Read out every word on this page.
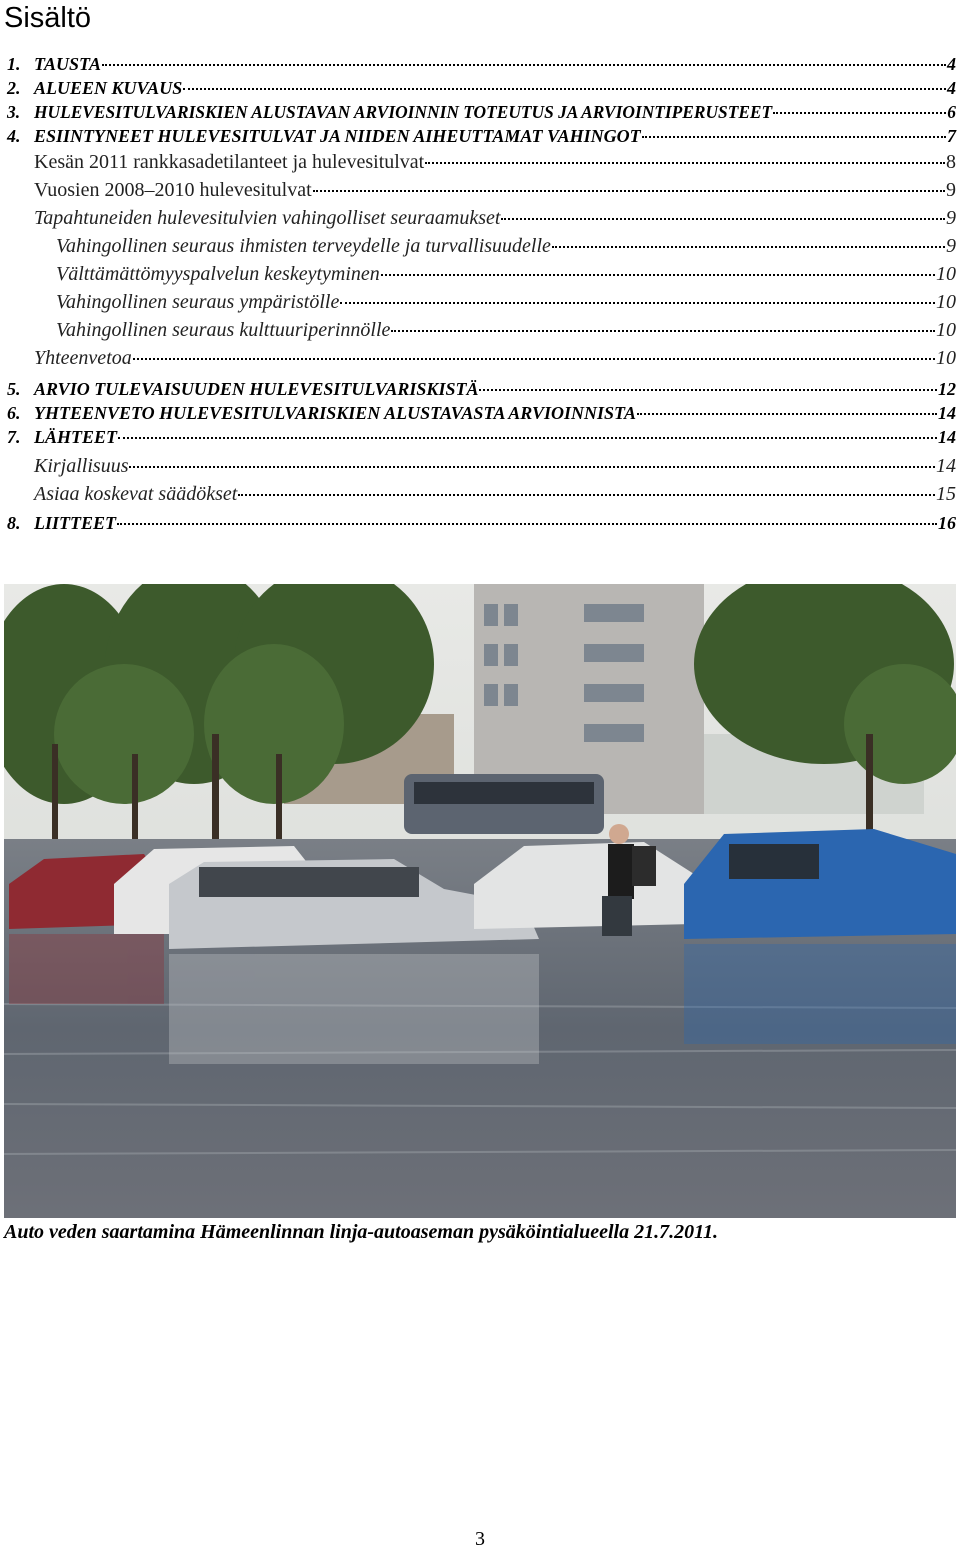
Sisältö
1. TAUSTA	4
2. ALUEEN KUVAUS	4
3. HULEVESITULVARISKIEN ALUSTAVAN ARVIOINNIN TOTEUTUS JA ARVIOINTIPERUSTEET	6
4. ESIINTYNEET HULEVESITULVAT JA NIIDEN AIHEUTTAMAT VAHINGOT	7
Kesän 2011 rankkasadetilanteet ja hulevesitulvat	8
Vuosien 2008–2010 hulevesitulvat	9
Tapahtuneiden hulevesitulvien vahingolliset seuraamukset	9
Vahingollinen seuraus ihmisten terveydelle ja turvallisuudelle	9
Välttämättömyyspalvelun keskeytyminen	10
Vahingollinen seuraus ympäristölle	10
Vahingollinen seuraus kulttuuriperinnölle	10
Yhteenvetoa	10
5. ARVIO TULEVAISUUDEN HULEVESITULVARISKISTÄ	12
6. YHTEENVETO HULEVESITULVARISKIEN ALUSTAVASTA ARVIOINNISTA	14
7. LÄHTEET	14
Kirjallisuus	14
Asiaa koskevat säädökset	15
8. LIITTEET	16
Auto veden saartamina Hämeenlinnan linja-autoaseman pysäköintialueella 21.7.2011.
3
